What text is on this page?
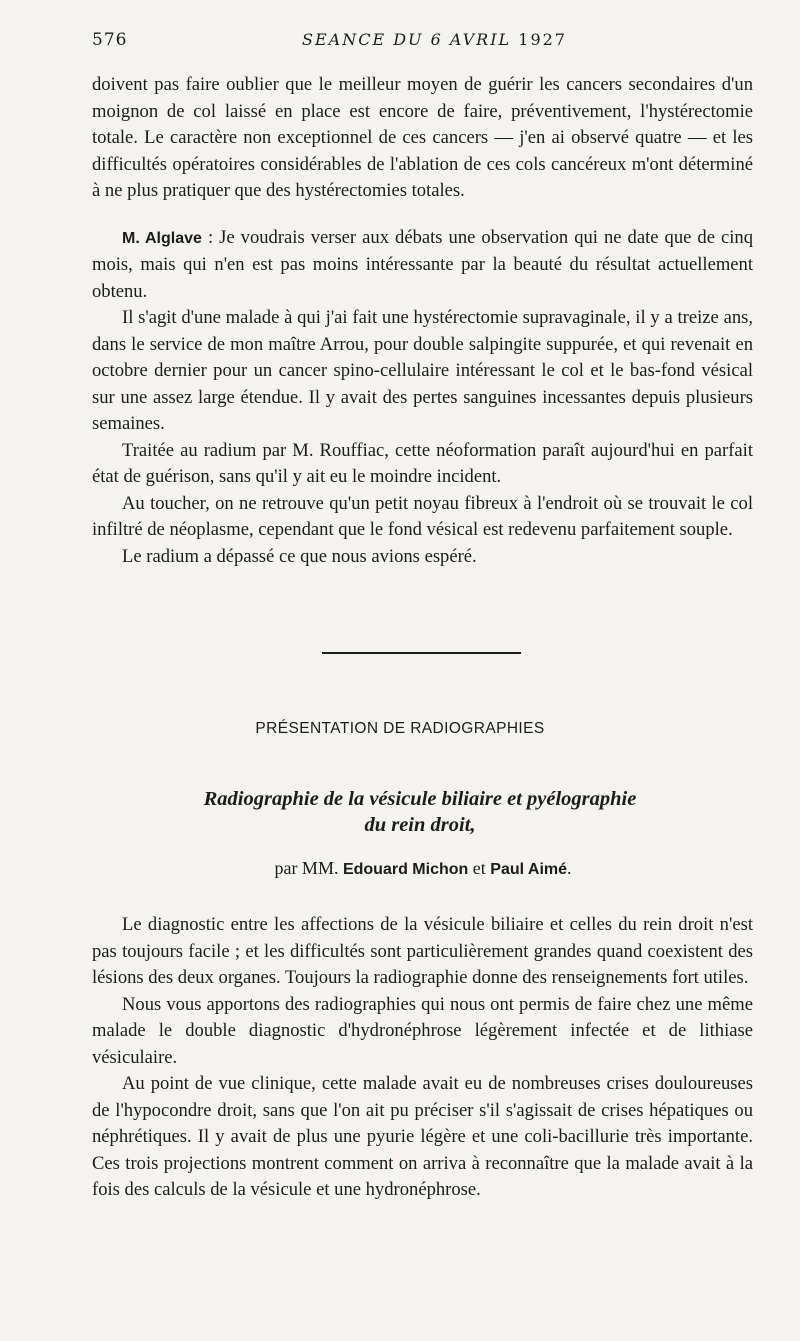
576	SEANCE DU 6 AVRIL 1927

doivent pas faire oublier que le meilleur moyen de guérir les cancers secondaires d'un moignon de col laissé en place est encore de faire, préventivement, l'hystérectomie totale. Le caractère non exceptionnel de ces cancers — j'en ai observé quatre — et les difficultés opératoires considérables de l'ablation de ces cols cancéreux m'ont déterminé à ne plus pratiquer que des hystérectomies totales.

M. Alglave : Je voudrais verser aux débats une observation qui ne date que de cinq mois, mais qui n'en est pas moins intéressante par la beauté du résultat actuellement obtenu.

Il s'agit d'une malade à qui j'ai fait une hystérectomie supravaginale, il y a treize ans, dans le service de mon maître Arrou, pour double salpingite suppurée, et qui revenait en octobre dernier pour un cancer spino-cellulaire intéressant le col et le bas-fond vésical sur une assez large étendue. Il y avait des pertes sanguines incessantes depuis plusieurs semaines.

Traitée au radium par M. Rouffiac, cette néoformation paraît aujourd'hui en parfait état de guérison, sans qu'il y ait eu le moindre incident.

Au toucher, on ne retrouve qu'un petit noyau fibreux à l'endroit où se trouvait le col infiltré de néoplasme, cependant que le fond vésical est redevenu parfaitement souple.

Le radium a dépassé ce que nous avions espéré.

PRÉSENTATION DE RADIOGRAPHIES
Radiographie de la vésicule biliaire et pyélographie
du rein droit,
par MM. Edouard Michon et Paul Aimé.

Le diagnostic entre les affections de la vésicule biliaire et celles du rein droit n'est pas toujours facile ; et les difficultés sont particulièrement grandes quand coexistent des lésions des deux organes. Toujours la radiographie donne des renseignements fort utiles.

Nous vous apportons des radiographies qui nous ont permis de faire chez une même malade le double diagnostic d'hydronéphrose légèrement infectée et de lithiase vésiculaire.

Au point de vue clinique, cette malade avait eu de nombreuses crises douloureuses de l'hypocondre droit, sans que l'on ait pu préciser s'il s'agissait de crises hépatiques ou néphrétiques. Il y avait de plus une pyurie légère et une coli-bacillurie très importante. Ces trois projections montrent comment on arriva à reconnaître que la malade avait à la fois des calculs de la vésicule et une hydronéphrose.
